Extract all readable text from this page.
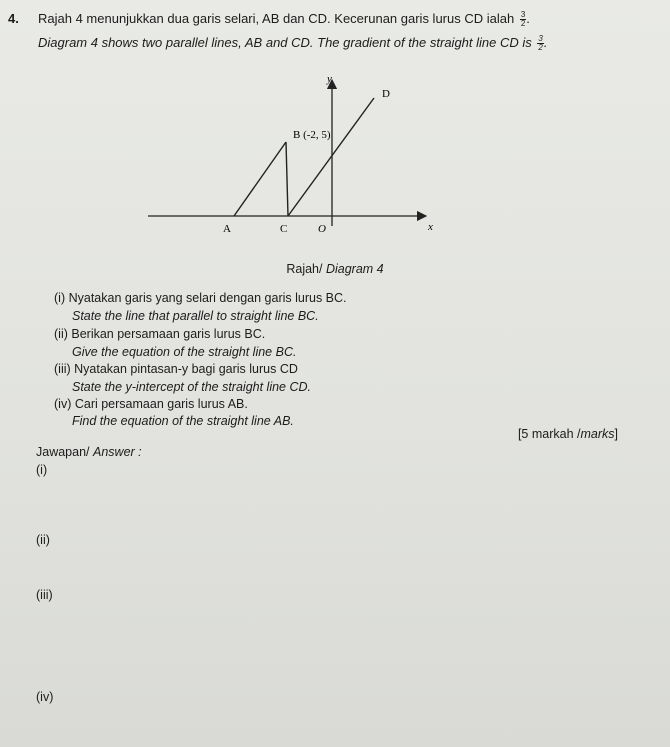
4. Rajah 4 menunjukkan dua garis selari, AB dan CD. Kecerunan garis lurus CD ialah $\frac{3}{2}$ .
Diagram 4 shows two parallel lines, AB and CD. The gradient of the straight line CD is $\frac{3}{2}$ .
y
x
D
B (-2, 5)
A	C	O
Rajah/ Diagram 4
(i) Nyatakan garis yang selari dengan garis lurus BC.
State the line that parallel to straight line BC.
(ii) Berikan persamaan garis lurus BC.
Give the equation of the straight line BC.
(iii) Nyatakan pintasan-y bagi garis lurus CD
State the y-intercept of the straight line CD.
(iv) Cari persamaan garis lurus AB.
Find the equation of the straight line AB.
[5 markah /marks]
Jawapan/ Answer :
(i)
(ii)
(iii)
(iv)
